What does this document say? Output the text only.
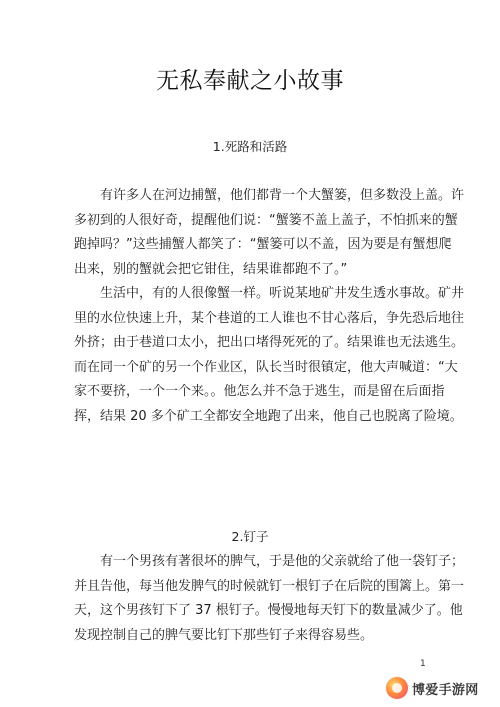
无私奉献之小故事
1.死路和活路
有许多人在河边捕蟹，他们都背一个大蟹篓，但多数没上盖。许
多初到的人很好奇，提醒他们说：“蟹篓不盖上盖子，不怕抓来的蟹
跑掉吗？”这些捕蟹人都笑了：“蟹篓可以不盖，因为要是有蟹想爬
出来，别的蟹就会把它钳住，结果谁都跑不了。”
生活中，有的人很像蟹一样。听说某地矿井发生透水事故。矿井
里的水位快速上升，某个巷道的工人谁也不甘心落后，争先恐后地往
外挤；由于巷道口太小，把出口堵得死死的了。结果谁也无法逃生。
而在同一个矿的另一个作业区，队长当时很镇定，他大声喊道：“大
家不要挤，一个一个来。。他怎么并不急于逃生，而是留在后面指
挥，结果 20 多个矿工全都安全地跑了出来，他自己也脱离了险境。
2.钉子
有一个男孩有著很坏的脾气，于是他的父亲就给了他一袋钉子；
并且告他，每当他发脾气的时候就钉一根钉子在后院的围篱上。第一
天，这个男孩钉下了 37 根钉子。慢慢地每天钉下的数量减少了。他
发现控制自己的脾气要比钉下那些钉子来得容易些。
1
博爱手游网
